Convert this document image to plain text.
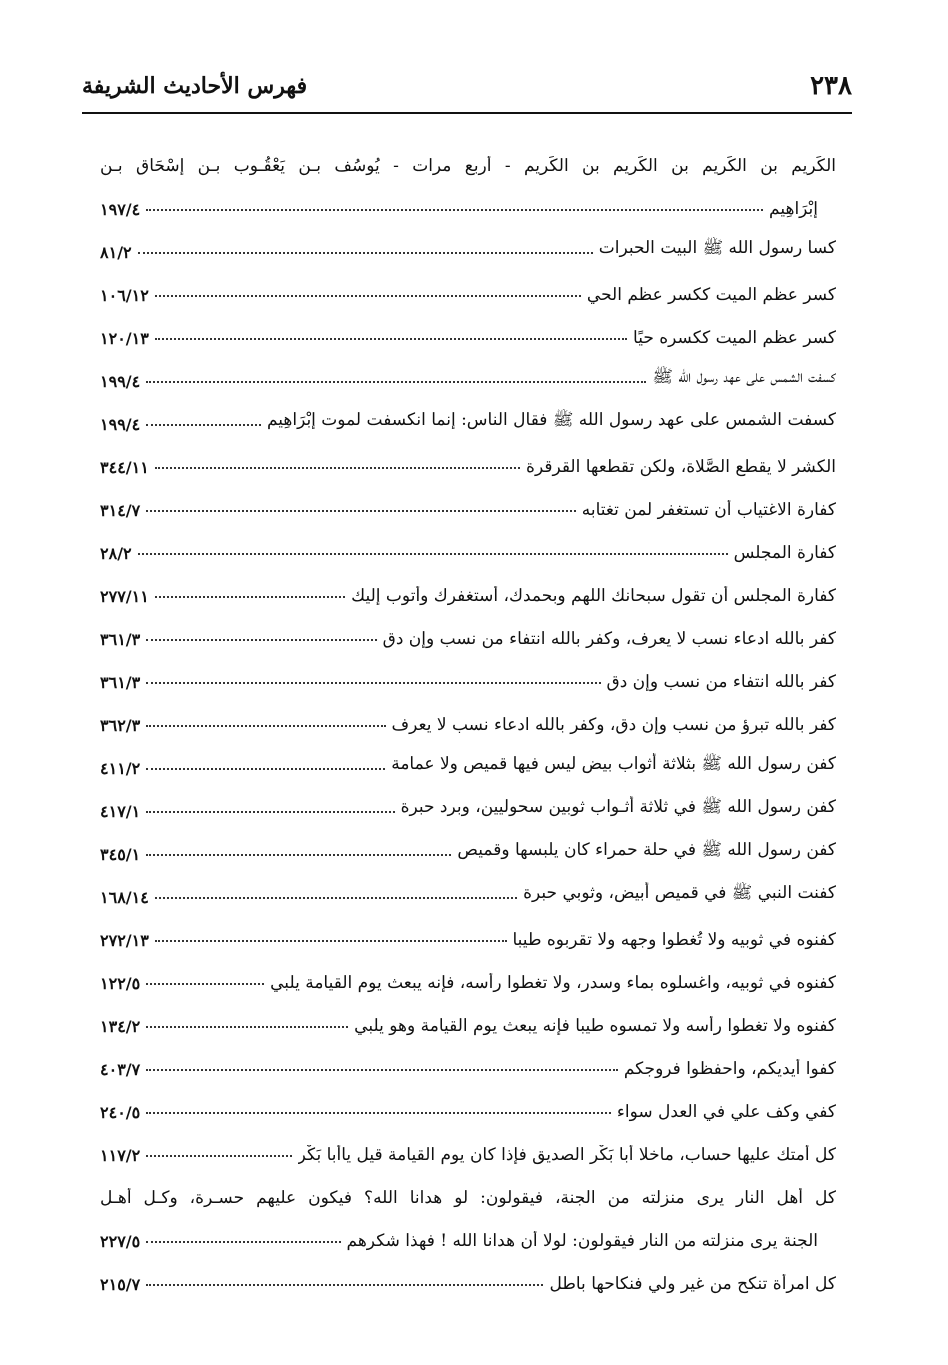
٢٣٨
فهرس الأحاديث الشريفة
الكَريم بن الكَريم بن الكَريم بن الكَريم - أربع مرات - يُوسُف بـن يَعْقُـوب بـن إسْحَاق بـن
إبْرَاهِيم
١٩٧/٤
كسا رسول الله ﷺ البيت الحبرات
٨١/٢
كسر عظم الميت ككسر عظم الحي
١٠٦/١٢
كسر عظم الميت ككسره حيًا
١٢٠/١٣
كسفت الشمس على عهد رسول الله ﷺ
١٩٩/٤
كسفت الشمس على عهد رسول الله ﷺ فقال الناس: إنما انكسفت لموت إبْرَاهِيم
١٩٩/٤
الكشر لا يقطع الصَّلاة، ولكن تقطعها القرقرة
٣٤٤/١١
كفارة الاغتياب أن تستغفر لمن تغتابه
٣١٤/٧
كفارة المجلس
٢٨/٢
كفارة المجلس أن تقول سبحانك اللهم وبحمدك، أستغفرك وأتوب إليك
٢٧٧/١١
كفر بالله ادعاء نسب لا يعرف، وكفر بالله انتفاء من نسب وإن دق
٣٦١/٣
كفر بالله انتفاء من نسب وإن دق
٣٦١/٣
كفر بالله تبرؤ من نسب وإن دق، وكفر بالله ادعاء نسب لا يعرف
٣٦٢/٣
كفن رسول الله ﷺ بثلاثة أثواب بيض ليس فيها قميص ولا عمامة
٤١١/٢
كفن رسول الله ﷺ في ثلاثة أثـواب ثوبين سحوليين، وبرد حبرة
٤١٧/١
كفن رسول الله ﷺ في حلة حمراء كان يلبسها وقميص
٣٤٥/١
كفنت النبي ﷺ في قميص أبيض، وثوبي حبرة
١٦٨/١٤
كفنوه في ثوبيه ولا تُغطوا وجهه ولا تقربوه طيبا
٢٧٢/١٣
كفنوه في ثوبيه، واغسلوه بماء وسدر، ولا تغطوا رأسه، فإنه يبعث يوم القيامة يلبي
١٢٢/٥
كفنوه ولا تغطوا رأسه ولا تمسوه طيبا فإنه يبعث يوم القيامة وهو يلبي
١٣٤/٢
كفوا أيديكم، واحفظوا فروجكم
٤٠٣/٧
كفي وكف علي في العدل سواء
٢٤٠/٥
كل أمتك عليها حساب، ماخلا أبا بَكْر الصديق فإذا كان يوم القيامة قيل ياأبا بَكْر
١١٧/٢
كل أهل النار يرى منزلته من الجنة، فيقولون: لو هدانا الله؟ فيكون عليهم حسـرة، وكـل أهـل
الجنة يرى منزلته من النار فيقولون: لولا أن هدانا الله ! فهذا شكرهم
٢٢٧/٥
كل امرأة تنكح من غير ولي فنكاحها باطل
٢١٥/٧
